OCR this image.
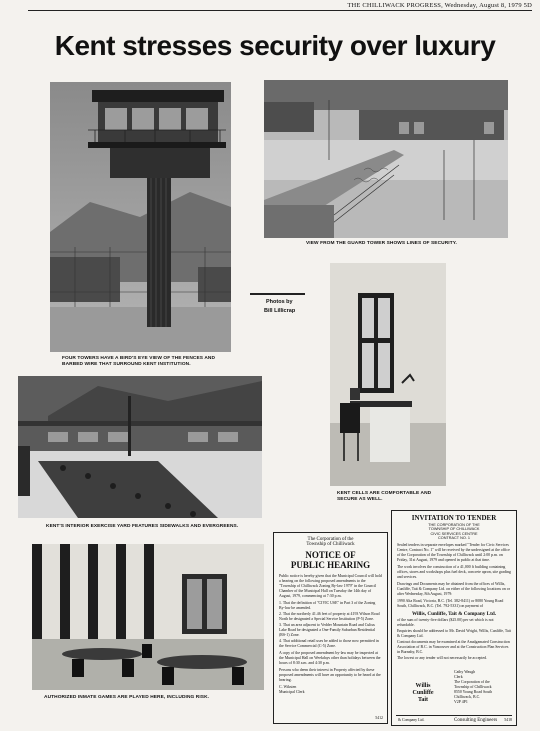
THE CHILLIWACK PROGRESS, Wednesday, August 8, 1979 5D
Kent stresses security over luxury
FOUR TOWERS HAVE A BIRD'S EYE VIEW OF THE FENCES AND BARBED WIRE THAT SURROUND KENT INSTITUTION.
VIEW FROM THE GUARD TOWER SHOWS LINES OF SECURITY.
Photos by
Bill Lillicrap
KENT CELLS ARE COMFORTABLE AND SECURE AS WELL.
KENT'S INTERIOR EXERCISE YARD FEATURES SIDEWALKS AND EVERGREENS.
AUTHORIZED INMATE GAMES ARE PLAYED HERE, INCLUDING RISK.
The Corporation of the
Township of Chilliwack
NOTICE OF
PUBLIC HEARING
Public notice is hereby given that the Municipal Council will hold a hearing on the following proposed amendments to the "Township of Chilliwack Zoning By-law 1979" in the Council Chamber of the Municipal Hall on Tuesday the 14th day of August, 1979, commencing at 7:30 p.m.
1. That the definition of "CIVIC USE" in Part 3 of the Zoning By-law be amended.
2. That the northerly 41.46 feet of property at 4193 Wilson Road North be designated a Special Service Institution (P-5) Zone.
3. That an area adjacent to Vedder Mountain Road and Cultus Lake Road be designated a One-Family Suburban Residential (RS-1) Zone.
4. That additional retail uses be added to those now permitted in the Service Commercial (C-5) Zone.
A copy of the proposed amendment by-law may be inspected at the Municipal Hall on Weekdays other than holidays between the hours of 8:30 a.m. and 4:30 p.m.
Persons who deem their interest in Property affected by these proposed amendments will have an opportunity to be heard at the hearing.
C. Wiksten
Municipal Clerk
5412
INVITATION TO TENDER
THE CORPORATION OF THE
TOWNSHIP OF CHILLIWACK
CIVIC SERVICES CENTRE
CONTRACT NO. 1
Sealed tenders in separate envelopes marked "Tender for Civic Services Centre, Contract No. 1" will be received by the undersigned at the office of the Corporation of the Township of Chilliwack until 2:00 p.m. on Friday, 31st August, 1979 and opened in public at that time.
The work involves the construction of a 41,000 ft building containing offices, stores and workshops plus fuel deck, concrete apron, site grading and services.
Drawings and Documents may be obtained from the offices of Willis, Cunliffe, Tait & Company Ltd. on either of the following locations on or after Wednesday, 8th August, 1979:
1990 Alta Road, Victoria, B.C. (Tel. 382-8411) or 8080 Young Road South, Chilliwack, B.C. (Tel. 792-5331) on payment of
Willis, Cunliffe, Tait & Company Ltd.
of the sum of twenty-five dollars ($25.00) per set which is not refundable.
Enquiries should be addressed to Mr. David Wright, Willis, Cunliffe, Tait & Company Ltd.
Contract documents may be examined at the Amalgamated Construction Association of B.C. in Vancouver and at the Construction Plan Services in Burnaby, B.C.
The lowest or any tender will not necessarily be accepted.
Cathy Waugh
Clerk
The Corporation of the
Township of Chilliwack
8550 Young Road South
Chilliwack, B.C.
V2P 4P1
Willis
Cunliffe
Tait
& Company Ltd.	Consulting Engineers 5418
